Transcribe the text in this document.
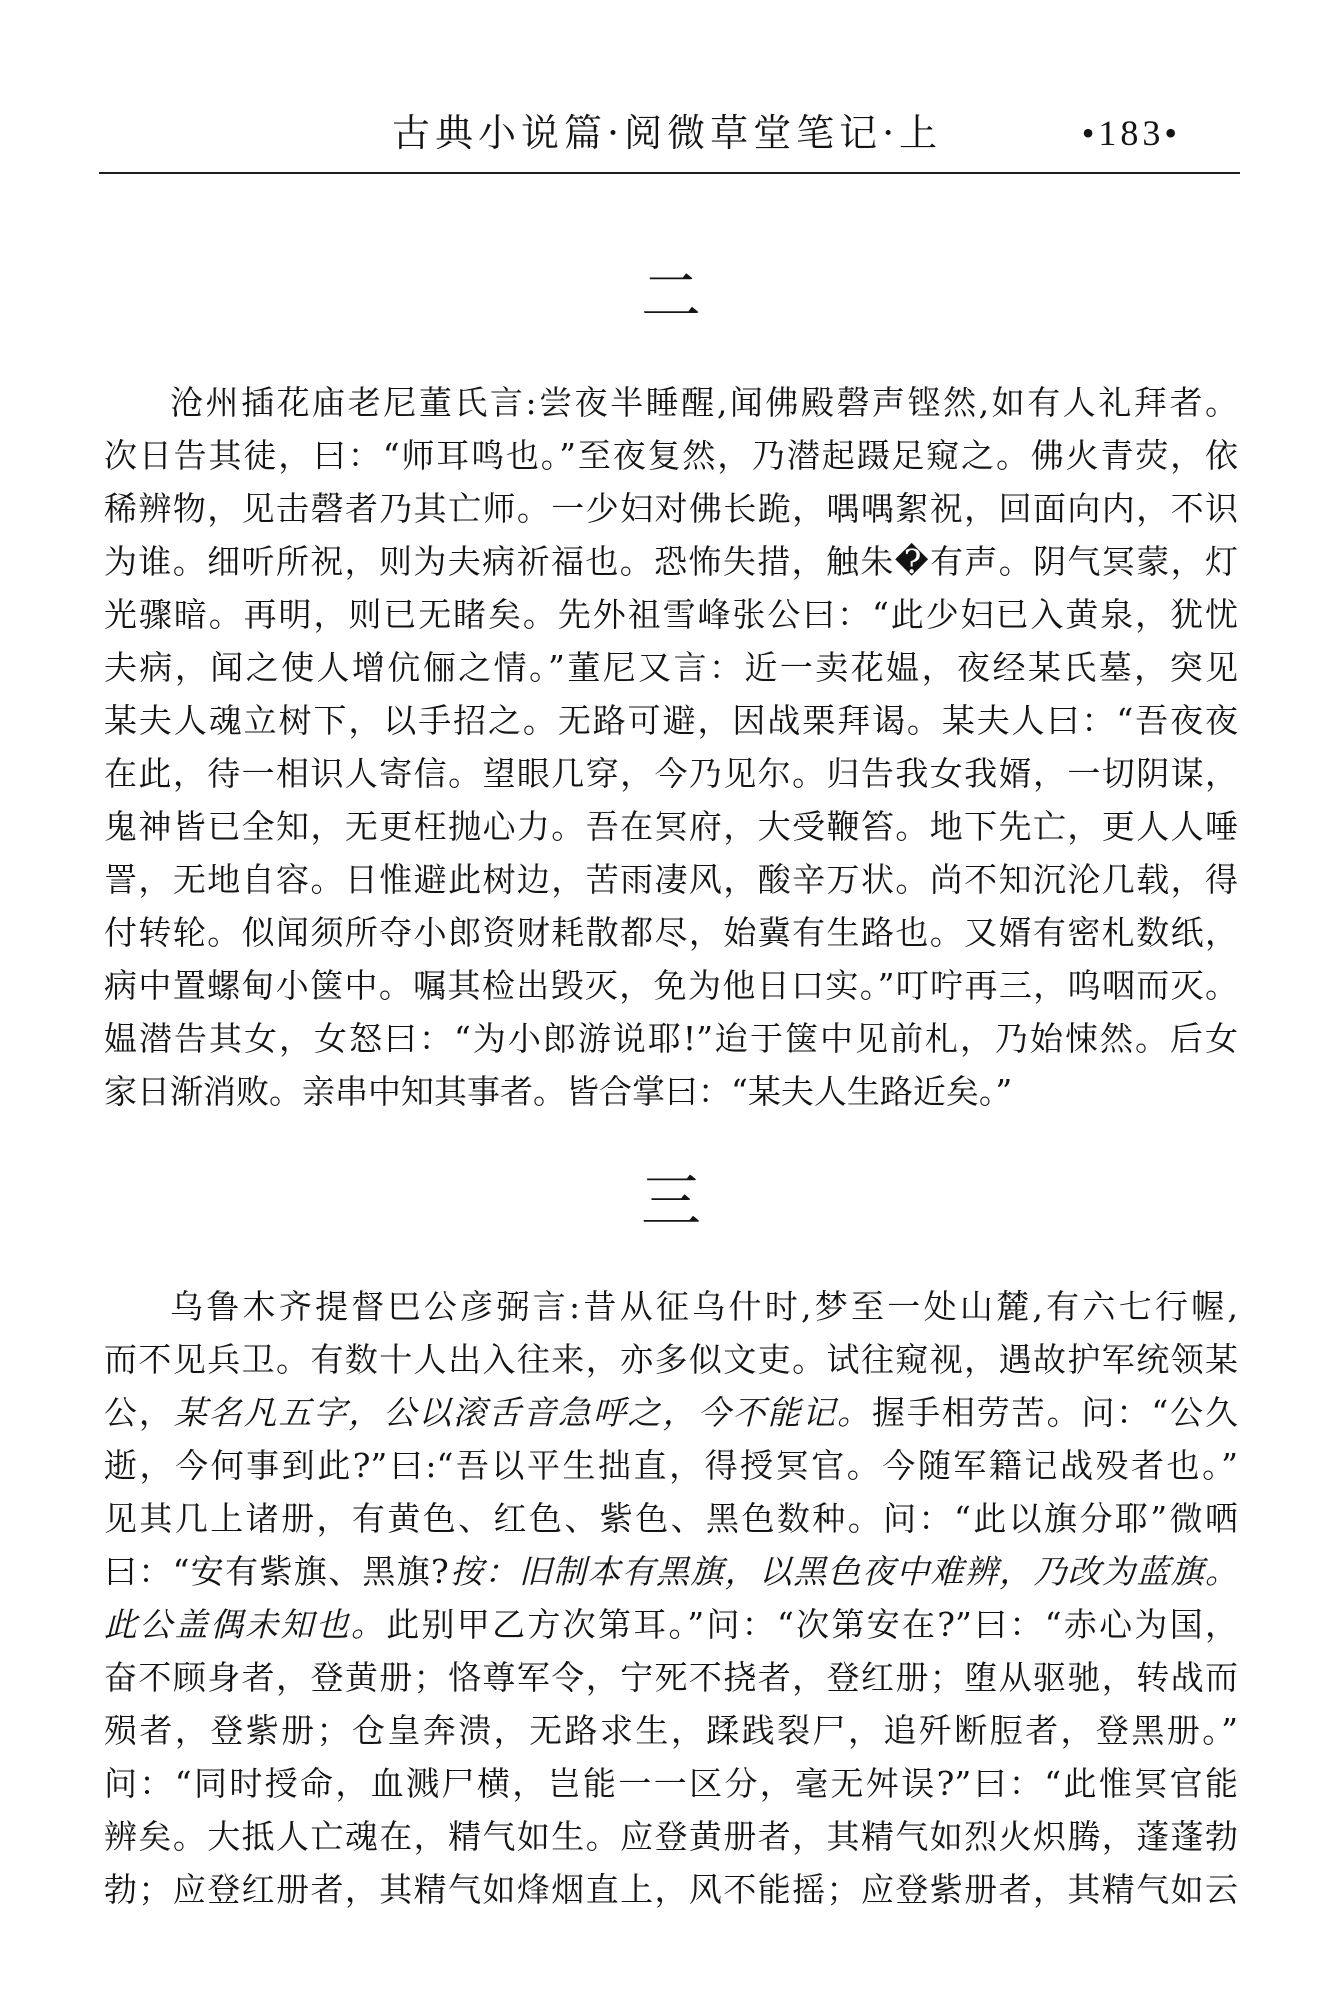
古典小说篇·阅微草堂笔记·上	•183•
二
沧州插花庙老尼董氏言:尝夜半睡醒,闻佛殿磬声铿然,如有人礼拜者。
次日告其徒，曰：“师耳鸣也。”至夜复然，乃潜起蹑足窥之。佛火青荧，依
稀辨物，见击磬者乃其亡师。一少妇对佛长跪，喁喁絮祝，回面向内，不识
为谁。细听所祝，则为夫病祈福也。恐怖失措，触朱�有声。阴气冥蒙，灯
光骤暗。再明，则已无睹矣。先外祖雪峰张公曰：“此少妇已入黄泉，犹忧
夫病，闻之使人增伉俪之情。”董尼又言：近一卖花媪，夜经某氏墓，突见
某夫人魂立树下，以手招之。无路可避，因战栗拜谒。某夫人曰：“吾夜夜
在此，待一相识人寄信。望眼几穿，今乃见尔。归告我女我婿，一切阴谋，
鬼神皆已全知，无更枉抛心力。吾在冥府，大受鞭笞。地下先亡，更人人唾
詈，无地自容。日惟避此树边，苦雨凄风，酸辛万状。尚不知沉沦几载，得
付转轮。似闻须所夺小郎资财耗散都尽，始冀有生路也。又婿有密札数纸，
病中置螺甸小箧中。嘱其检出毁灭，免为他日口实。”叮咛再三，呜咽而灭。
媪潜告其女，女怒曰：“为小郎游说耶!”迨于箧中见前札，乃始悚然。后女
家日渐消败。亲串中知其事者。皆合掌曰：“某夫人生路近矣。”
三
乌鲁木齐提督巴公彦弼言:昔从征乌什时,梦至一处山麓,有六七行幄,
而不见兵卫。有数十人出入往来，亦多似文吏。试往窥视，遇故护军统领某
公，某名凡五字，公以滚舌音急呼之，今不能记。握手相劳苦。问：“公久
逝，今何事到此?”曰:“吾以平生拙直，得授冥官。今随军籍记战殁者也。”
见其几上诸册，有黄色、红色、紫色、黑色数种。问：“此以旗分耶”微哂
曰：“安有紫旗、黑旗?按：旧制本有黑旗，以黑色夜中难辨，乃改为蓝旗。
此公盖偶未知也。此别甲乙方次第耳。”问：“次第安在?”曰：“赤心为国，
奋不顾身者，登黄册；恪尊军令，宁死不挠者，登红册；堕从驱驰，转战而
殒者，登紫册；仓皇奔溃，无路求生，蹂践裂尸，追歼断脰者，登黑册。”
问：“同时授命，血溅尸横，岂能一一区分，毫无舛误?”曰：“此惟冥官能
辨矣。大抵人亡魂在，精气如生。应登黄册者，其精气如烈火炽腾，蓬蓬勃
勃；应登红册者，其精气如烽烟直上，风不能摇；应登紫册者，其精气如云
